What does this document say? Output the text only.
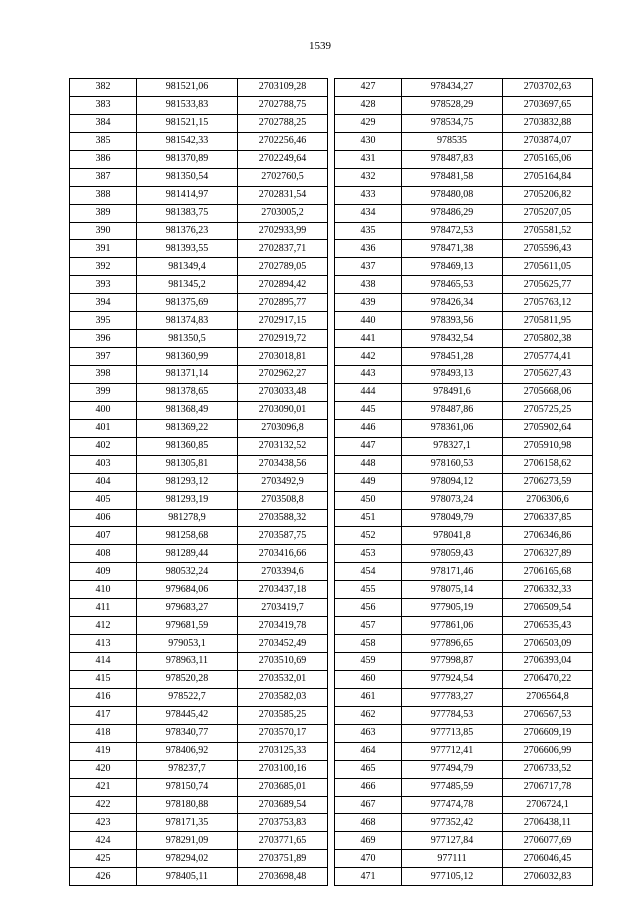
1539
382	981521,06	2703109,28
383	981533,83	2702788,75
384	981521,15	2702788,25
385	981542,33	2702256,46
386	981370,89	2702249,64
387	981350,54	2702760,5
388	981414,97	2702831,54
389	981383,75	2703005,2
390	981376,23	2702933,99
391	981393,55	2702837,71
392	981349,4	2702789,05
393	981345,2	2702894,42
394	981375,69	2702895,77
395	981374,83	2702917,15
396	981350,5	2702919,72
397	981360,99	2703018,81
398	981371,14	2702962,27
399	981378,65	2703033,48
400	981368,49	2703090,01
401	981369,22	2703096,8
402	981360,85	2703132,52
403	981305,81	2703438,56
404	981293,12	2703492,9
405	981293,19	2703508,8
406	981278,9	2703588,32
407	981258,68	2703587,75
408	981289,44	2703416,66
409	980532,24	2703394,6
410	979684,06	2703437,18
411	979683,27	2703419,7
412	979681,59	2703419,78
413	979053,1	2703452,49
414	978963,11	2703510,69
415	978520,28	2703532,01
416	978522,7	2703582,03
417	978445,42	2703585,25
418	978340,77	2703570,17
419	978406,92	2703125,33
420	978237,7	2703100,16
421	978150,74	2703685,01
422	978180,88	2703689,54
423	978171,35	2703753,83
424	978291,09	2703771,65
425	978294,02	2703751,89
426	978405,11	2703698,48
427	978434,27	2703702,63
428	978528,29	2703697,65
429	978534,75	2703832,88
430	978535	2703874,07
431	978487,83	2705165,06
432	978481,58	2705164,84
433	978480,08	2705206,82
434	978486,29	2705207,05
435	978472,53	2705581,52
436	978471,38	2705596,43
437	978469,13	2705611,05
438	978465,53	2705625,77
439	978426,34	2705763,12
440	978393,56	2705811,95
441	978432,54	2705802,38
442	978451,28	2705774,41
443	978493,13	2705627,43
444	978491,6	2705668,06
445	978487,86	2705725,25
446	978361,06	2705902,64
447	978327,1	2705910,98
448	978160,53	2706158,62
449	978094,12	2706273,59
450	978073,24	2706306,6
451	978049,79	2706337,85
452	978041,8	2706346,86
453	978059,43	2706327,89
454	978171,46	2706165,68
455	978075,14	2706332,33
456	977905,19	2706509,54
457	977861,06	2706535,43
458	977896,65	2706503,09
459	977998,87	2706393,04
460	977924,54	2706470,22
461	977783,27	2706564,8
462	977784,53	2706567,53
463	977713,85	2706609,19
464	977712,41	2706606,99
465	977494,79	2706733,52
466	977485,59	2706717,78
467	977474,78	2706724,1
468	977352,42	2706438,11
469	977127,84	2706077,69
470	977111	2706046,45
471	977105,12	2706032,83
